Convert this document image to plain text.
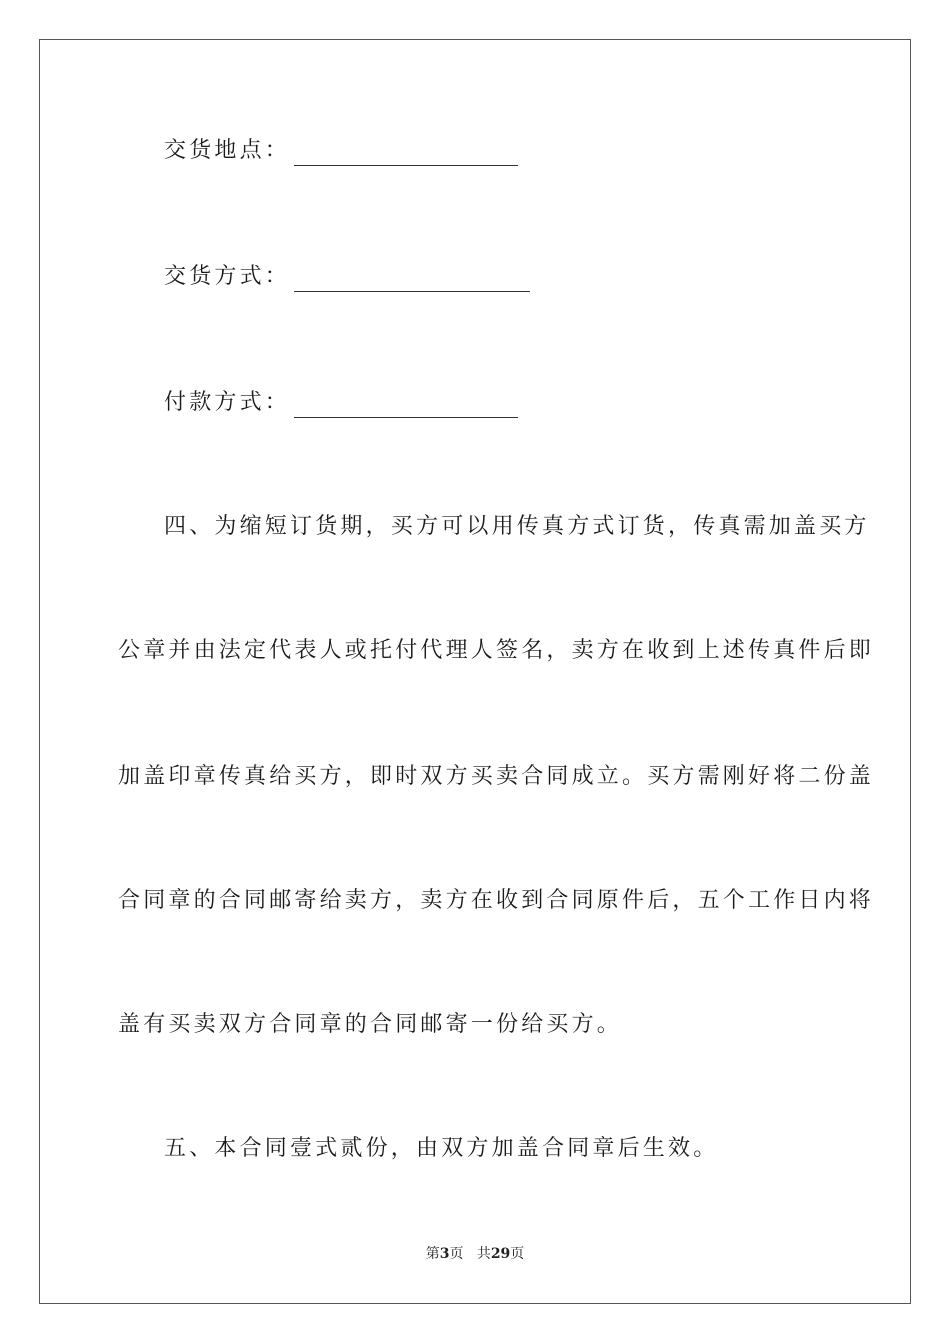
交货地点：
交货方式：
付款方式：
四、为缩短订货期，买方可以用传真方式订货，传真需加盖买方
公章并由法定代表人或托付代理人签名，卖方在收到上述传真件后即
加盖印章传真给买方，即时双方买卖合同成立。买方需刚好将二份盖
合同章的合同邮寄给卖方，卖方在收到合同原件后，五个工作日内将
盖有买卖双方合同章的合同邮寄一份给买方。
五、本合同壹式贰份，由双方加盖合同章后生效。
第3页 共29页
